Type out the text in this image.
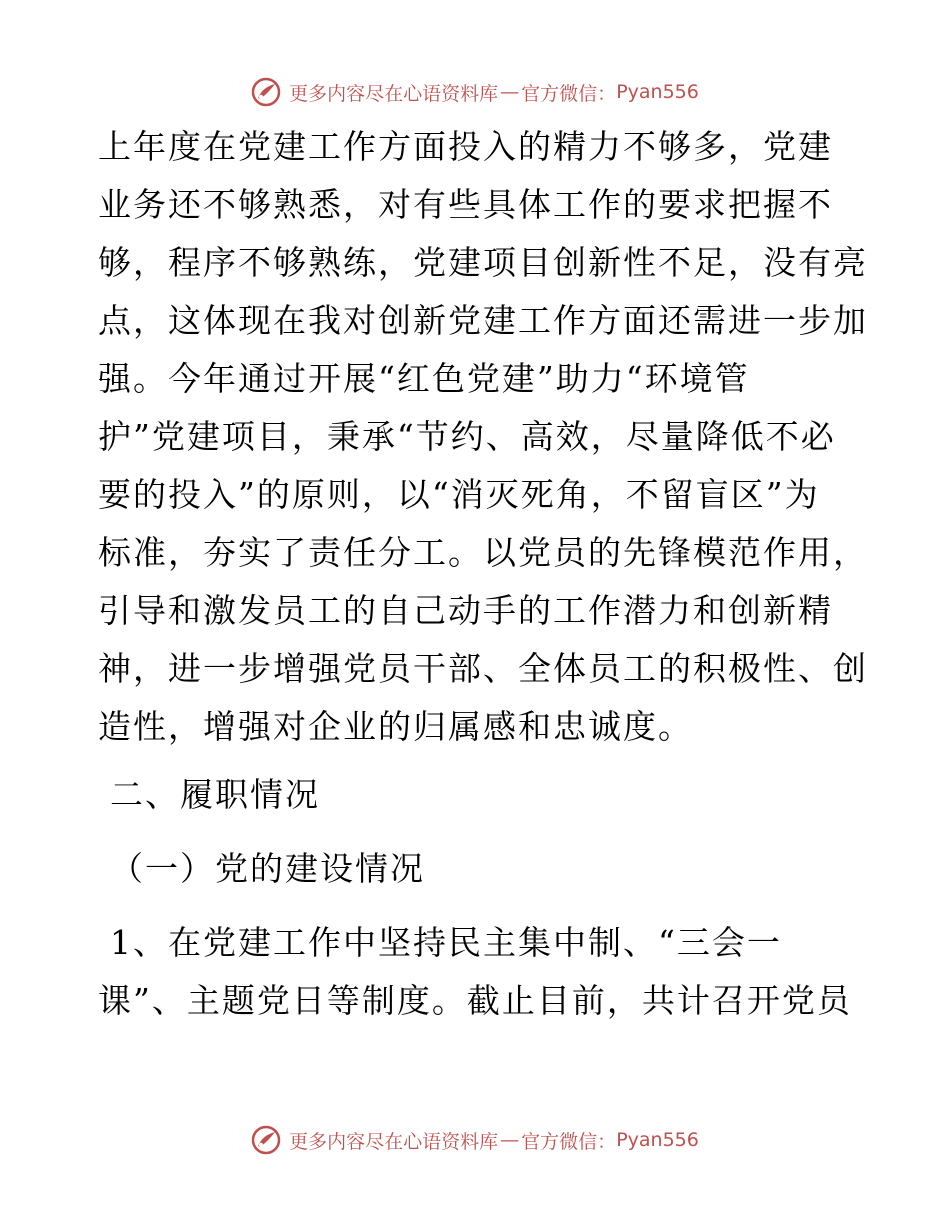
更多内容尽在心语资料库 — 官方微信： Pyan556
上年度在党建工作方面投入的精力不够多，党建
业务还不够熟悉，对有些具体工作的要求把握不
够，程序不够熟练，党建项目创新性不足，没有亮
点，这体现在我对创新党建工作方面还需进一步加
强。今年通过开展“红色党建”助力“环境管
护”党建项目，秉承“节约、高效，尽量降低不必
要的投入”的原则，以“消灭死角，不留盲区”为
标准，夯实了责任分工。以党员的先锋模范作用，
引导和激发员工的自己动手的工作潜力和创新精
神，进一步增强党员干部、全体员工的积极性、创
造性，增强对企业的归属感和忠诚度。
二、履职情况
（一）党的建设情况
1、在党建工作中坚持民主集中制、“三会一
课”、主题党日等制度。截止目前，共计召开党员
更多内容尽在心语资料库 — 官方微信： Pyan556
